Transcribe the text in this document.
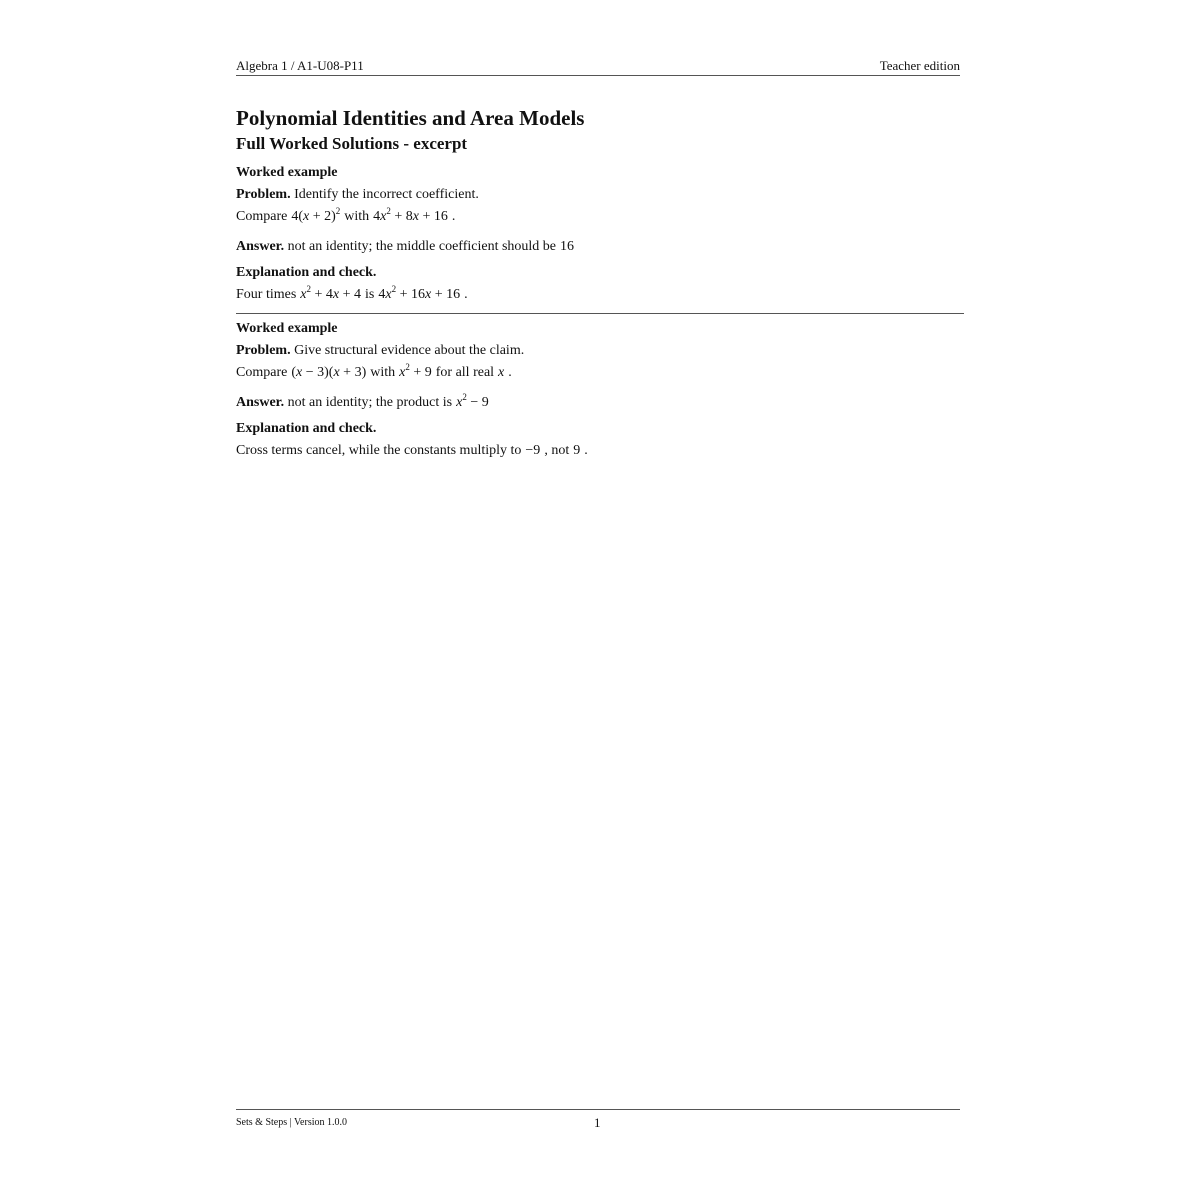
Algebra 1 / A1-U08-P11	Teacher edition
Polynomial Identities and Area Models
Full Worked Solutions - excerpt

Worked example

Problem. Identify the incorrect coefficient.

Compare $4(x + 2)^2$ with $4x^2 + 8x + 16$ .

Answer. not an identity; the middle coefficient should be 16

Explanation and check.

Four times $x^2 + 4x + 4$ is $4x^2 + 16x + 16$ .

Worked example

Problem. Give structural evidence about the claim.

Compare (x − 3)(x + 3) with $x^2 + 9$ for all real x .

Answer. not an identity; the product is $x^2 - 9$

Explanation and check.

Cross terms cancel, while the constants multiply to −9 , not 9 .

Sets & Steps | Version 1.0.0	1
